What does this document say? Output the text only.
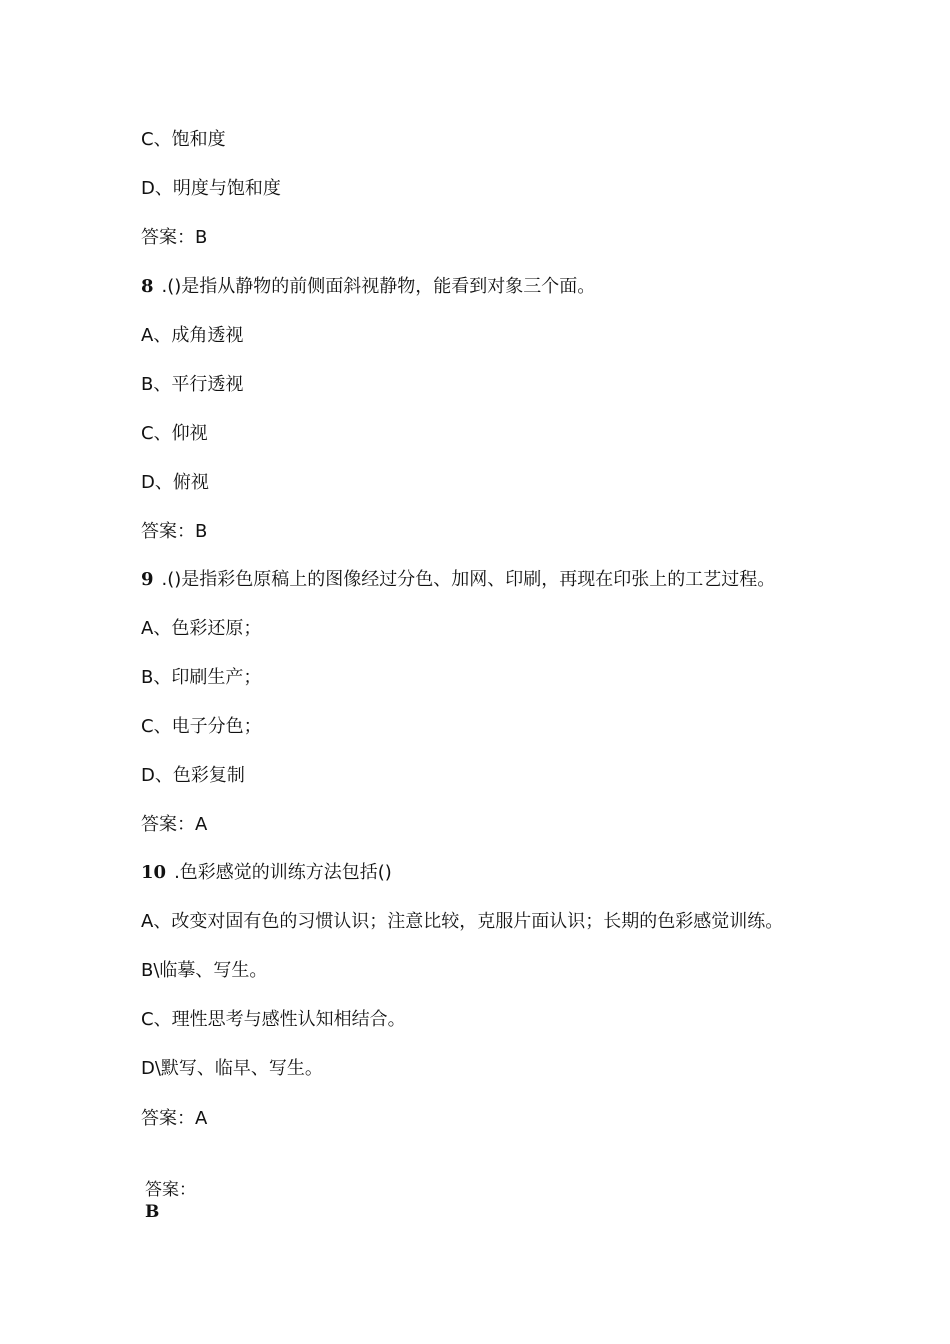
C、饱和度
D、明度与饱和度
答案：B
8 .()是指从静物的前侧面斜视静物，能看到对象三个面。
A、成角透视
B、平行透视
C、仰视
D、俯视
答案：B
9 .()是指彩色原稿上的图像经过分色、加网、印刷，再现在印张上的工艺过程。
A、色彩还原；
B、印刷生产；
C、电子分色；
D、色彩复制
答案：A
10 .色彩感觉的训练方法包括()
A、改变对固有色的习惯认识；注意比较，克服片面认识；长期的色彩感觉训练。
B\临摹、写生。
C、理性思考与感性认知相结合。
D\默写、临早、写生。
答案：A
答案：
B
